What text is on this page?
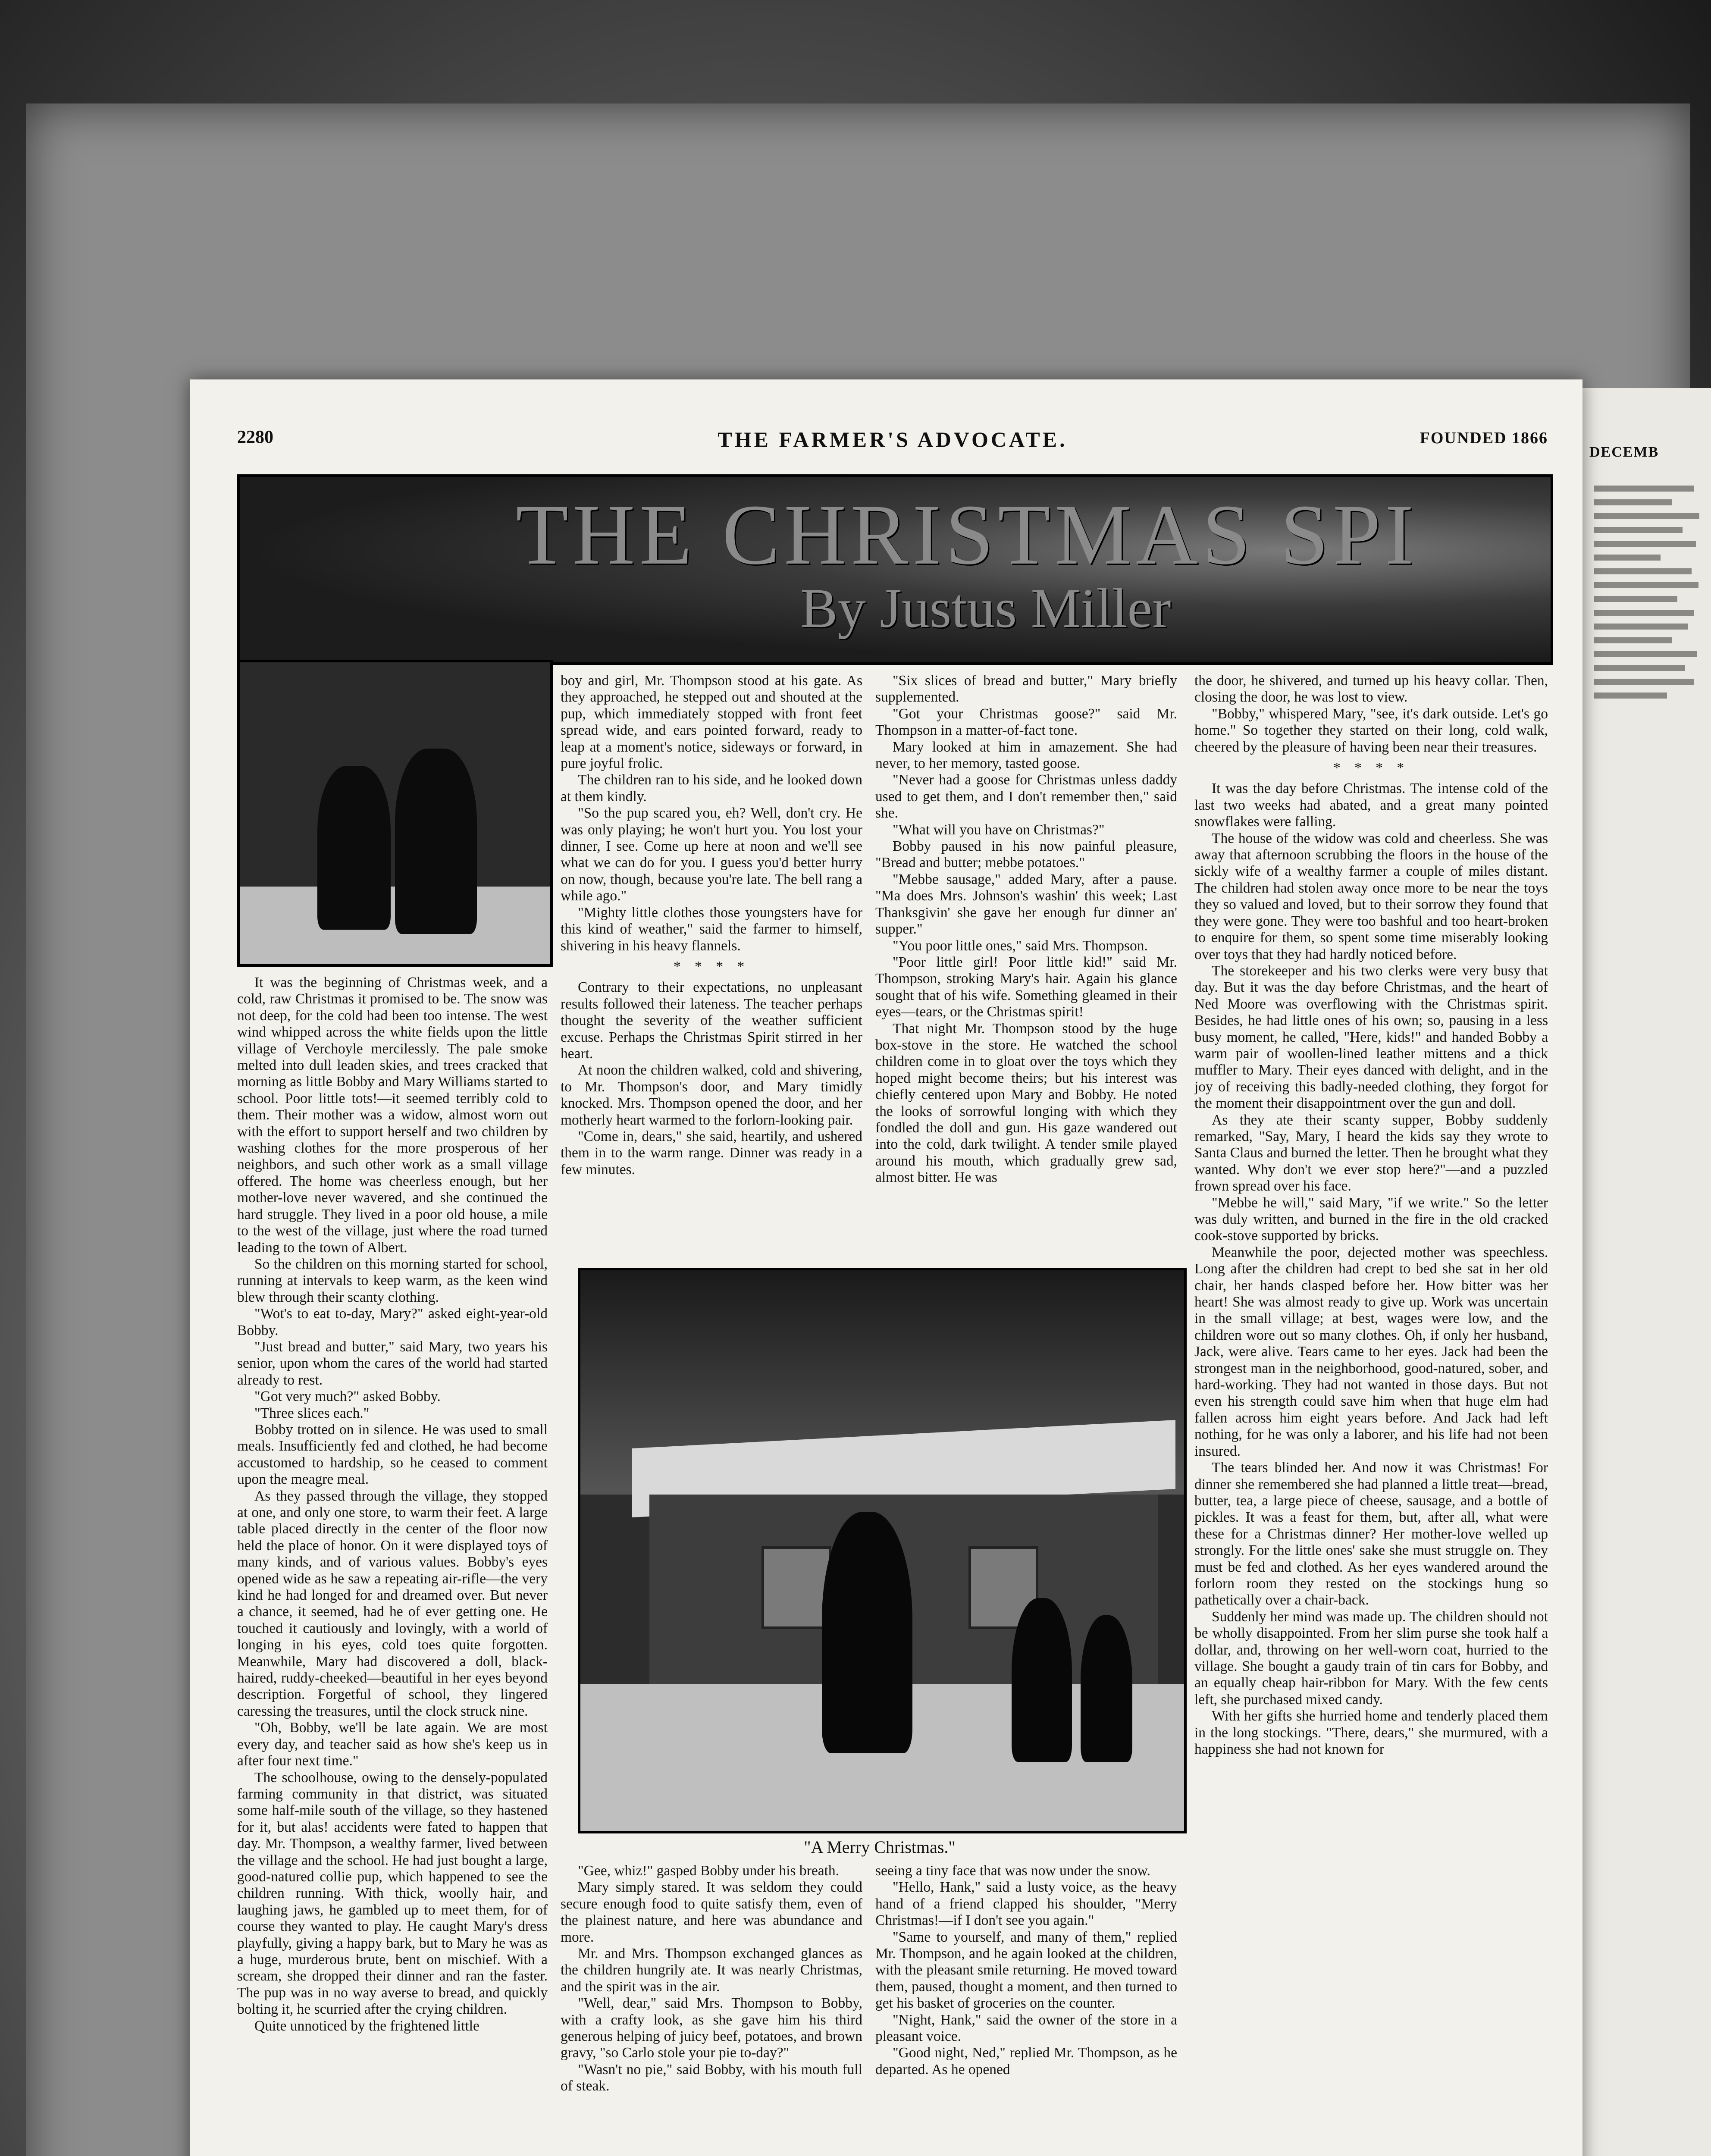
DECEMB
2280	THE FARMER'S ADVOCATE.	FOUNDED 1866
THE CHRISTMAS SPI
By Justus Miller

It was the beginning of Christmas week, and a cold, raw Christmas it promised to be. The snow was not deep, for the cold had been too intense. The west wind whipped across the white fields upon the little village of Verchoyle mercilessly. The pale smoke melted into dull leaden skies, and trees cracked that morning as little Bobby and Mary Williams started to school. Poor little tots!—it seemed terribly cold to them. Their mother was a widow, almost worn out with the effort to support herself and two children by washing clothes for the more prosperous of her neighbors, and such other work as a small village offered. The home was cheerless enough, but her mother-love never wavered, and she continued the hard struggle. They lived in a poor old house, a mile to the west of the village, just where the road turned leading to the town of Albert.

So the children on this morning started for school, running at intervals to keep warm, as the keen wind blew through their scanty clothing.

"Wot's to eat to-day, Mary?" asked eight-year-old Bobby.

"Just bread and butter," said Mary, two years his senior, upon whom the cares of the world had started already to rest.

"Got very much?" asked Bobby.

"Three slices each."

Bobby trotted on in silence. He was used to small meals. Insufficiently fed and clothed, he had become accustomed to hardship, so he ceased to comment upon the meagre meal.

As they passed through the village, they stopped at one, and only one store, to warm their feet. A large table placed directly in the center of the floor now held the place of honor. On it were displayed toys of many kinds, and of various values. Bobby's eyes opened wide as he saw a repeating air-rifle—the very kind he had longed for and dreamed over. But never a chance, it seemed, had he of ever getting one. He touched it cautiously and lovingly, with a world of longing in his eyes, cold toes quite forgotten. Meanwhile, Mary had discovered a doll, black-haired, ruddy-cheeked—beautiful in her eyes beyond description. Forgetful of school, they lingered caressing the treasures, until the clock struck nine.

"Oh, Bobby, we'll be late again. We are most every day, and teacher said as how she's keep us in after four next time."

The schoolhouse, owing to the densely-populated farming community in that district, was situated some half-mile south of the village, so they hastened for it, but alas! accidents were fated to happen that day. Mr. Thompson, a wealthy farmer, lived between the village and the school. He had just bought a large, good-natured collie pup, which happened to see the children running. With thick, woolly hair, and laughing jaws, he gambled up to meet them, for of course they wanted to play. He caught Mary's dress playfully, giving a happy bark, but to Mary he was as a huge, murderous brute, bent on mischief. With a scream, she dropped their dinner and ran the faster. The pup was in no way averse to bread, and quickly bolting it, he scurried after the crying children.

Quite unnoticed by the frightened little

boy and girl, Mr. Thompson stood at his gate. As they approached, he stepped out and shouted at the pup, which immediately stopped with front feet spread wide, and ears pointed forward, ready to leap at a moment's notice, sideways or forward, in pure joyful frolic.

The children ran to his side, and he looked down at them kindly.

"So the pup scared you, eh? Well, don't cry. He was only playing; he won't hurt you. You lost your dinner, I see. Come up here at noon and we'll see what we can do for you. I guess you'd better hurry on now, though, because you're late. The bell rang a while ago."

"Mighty little clothes those youngsters have for this kind of weather," said the farmer to himself, shivering in his heavy flannels.

* * * *

Contrary to their expectations, no unpleasant results followed their lateness. The teacher perhaps thought the severity of the weather sufficient excuse. Perhaps the Christmas Spirit stirred in her heart.

At noon the children walked, cold and shivering, to Mr. Thompson's door, and Mary timidly knocked. Mrs. Thompson opened the door, and her motherly heart warmed to the forlorn-looking pair.

"Come in, dears," she said, heartily, and ushered them in to the warm range. Dinner was ready in a few minutes.

"Six slices of bread and butter," Mary briefly supplemented.

"Got your Christmas goose?" said Mr. Thompson in a matter-of-fact tone.

Mary looked at him in amazement. She had never, to her memory, tasted goose.

"Never had a goose for Christmas unless daddy used to get them, and I don't remember then," said she.

"What will you have on Christmas?"

Bobby paused in his now painful pleasure, "Bread and butter; mebbe potatoes."

"Mebbe sausage," added Mary, after a pause. "Ma does Mrs. Johnson's washin' this week; Last Thanksgivin' she gave her enough fur dinner an' supper."

"You poor little ones," said Mrs. Thompson.

"Poor little girl! Poor little kid!" said Mr. Thompson, stroking Mary's hair. Again his glance sought that of his wife. Something gleamed in their eyes—tears, or the Christmas spirit!

That night Mr. Thompson stood by the huge box-stove in the store. He watched the school children come in to gloat over the toys which they hoped might become theirs; but his interest was chiefly centered upon Mary and Bobby. He noted the looks of sorrowful longing with which they fondled the doll and gun. His gaze wandered out into the cold, dark twilight. A tender smile played around his mouth, which gradually grew sad, almost bitter. He was

"A Merry Christmas."

"Gee, whiz!" gasped Bobby under his breath.

Mary simply stared. It was seldom they could secure enough food to quite satisfy them, even of the plainest nature, and here was abundance and more.

Mr. and Mrs. Thompson exchanged glances as the children hungrily ate. It was nearly Christmas, and the spirit was in the air.

"Well, dear," said Mrs. Thompson to Bobby, with a crafty look, as she gave him his third generous helping of juicy beef, potatoes, and brown gravy, "so Carlo stole your pie to-day?"

"Wasn't no pie," said Bobby, with his mouth full of steak.

seeing a tiny face that was now under the snow.

"Hello, Hank," said a lusty voice, as the heavy hand of a friend clapped his shoulder, "Merry Christmas!—if I don't see you again."

"Same to yourself, and many of them," replied Mr. Thompson, and he again looked at the children, with the pleasant smile returning. He moved toward them, paused, thought a moment, and then turned to get his basket of groceries on the counter.

"Night, Hank," said the owner of the store in a pleasant voice.

"Good night, Ned," replied Mr. Thompson, as he departed. As he opened

the door, he shivered, and turned up his heavy collar. Then, closing the door, he was lost to view.

"Bobby," whispered Mary, "see, it's dark outside. Let's go home." So together they started on their long, cold walk, cheered by the pleasure of having been near their treasures.

* * * *

It was the day before Christmas. The intense cold of the last two weeks had abated, and a great many pointed snowflakes were falling.

The house of the widow was cold and cheerless. She was away that afternoon scrubbing the floors in the house of the sickly wife of a wealthy farmer a couple of miles distant. The children had stolen away once more to be near the toys they so valued and loved, but to their sorrow they found that they were gone. They were too bashful and too heart-broken to enquire for them, so spent some time miserably looking over toys that they had hardly noticed before.

The storekeeper and his two clerks were very busy that day. But it was the day before Christmas, and the heart of Ned Moore was overflowing with the Christmas spirit. Besides, he had little ones of his own; so, pausing in a less busy moment, he called, "Here, kids!" and handed Bobby a warm pair of woollen-lined leather mittens and a thick muffler to Mary. Their eyes danced with delight, and in the joy of receiving this badly-needed clothing, they forgot for the moment their disappointment over the gun and doll.

As they ate their scanty supper, Bobby suddenly remarked, "Say, Mary, I heard the kids say they wrote to Santa Claus and burned the letter. Then he brought what they wanted. Why don't we ever stop here?"—and a puzzled frown spread over his face.

"Mebbe he will," said Mary, "if we write." So the letter was duly written, and burned in the fire in the old cracked cook-stove supported by bricks.

Meanwhile the poor, dejected mother was speechless. Long after the children had crept to bed she sat in her old chair, her hands clasped before her. How bitter was her heart! She was almost ready to give up. Work was uncertain in the small village; at best, wages were low, and the children wore out so many clothes. Oh, if only her husband, Jack, were alive. Tears came to her eyes. Jack had been the strongest man in the neighborhood, good-natured, sober, and hard-working. They had not wanted in those days. But not even his strength could save him when that huge elm had fallen across him eight years before. And Jack had left nothing, for he was only a laborer, and his life had not been insured.

The tears blinded her. And now it was Christmas! For dinner she remembered she had planned a little treat—bread, butter, tea, a large piece of cheese, sausage, and a bottle of pickles. It was a feast for them, but, after all, what were these for a Christmas dinner? Her mother-love welled up strongly. For the little ones' sake she must struggle on. They must be fed and clothed. As her eyes wandered around the forlorn room they rested on the stockings hung so pathetically over a chair-back.

Suddenly her mind was made up. The children should not be wholly disappointed. From her slim purse she took half a dollar, and, throwing on her well-worn coat, hurried to the village. She bought a gaudy train of tin cars for Bobby, and an equally cheap hair-ribbon for Mary. With the few cents left, she purchased mixed candy.

With her gifts she hurried home and tenderly placed them in the long stockings. "There, dears," she murmured, with a happiness she had not known for
